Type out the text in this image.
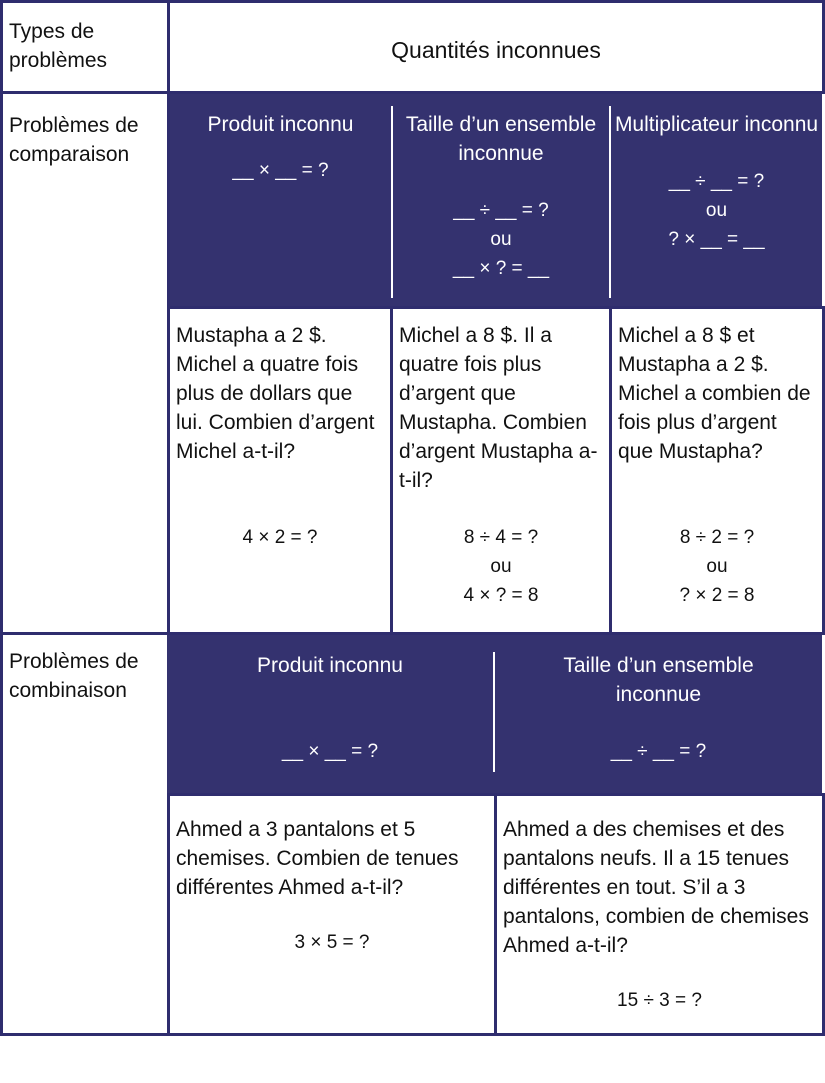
Types de problèmes	Quantités inconnues
Problèmes de comparaison
Produit inconnu
__ × __ = ?
Taille d’un ensemble inconnue
__ ÷ __ = ?
ou
__ × ? = __
Multiplicateur inconnu
__ ÷ __ = ?
ou
? × __ = __
Mustapha a 2 $. Michel a quatre fois plus de dollars que lui. Combien d’argent Michel a-t-il?
4 × 2 = ?
Michel a 8 $. Il a quatre fois plus d’argent que Mustapha. Combien d’argent Mustapha a-t-il?
8 ÷ 4 = ?
ou
4 × ? = 8
Michel a 8 $ et Mustapha a 2 $. Michel a combien de fois plus d’argent que Mustapha?
8 ÷ 2 = ?
ou
? × 2 = 8
Problèmes de combinaison
Produit inconnu
__ × __ = ?
Taille d’un ensemble inconnue
__ ÷ __ = ?
Ahmed a 3 pantalons et 5 chemises. Combien de tenues différentes Ahmed a-t-il?
3 × 5 = ?
Ahmed a des chemises et des pantalons neufs. Il a 15 tenues différentes en tout. S’il a 3 pantalons, combien de chemises Ahmed a-t-il?
15 ÷ 3 = ?
